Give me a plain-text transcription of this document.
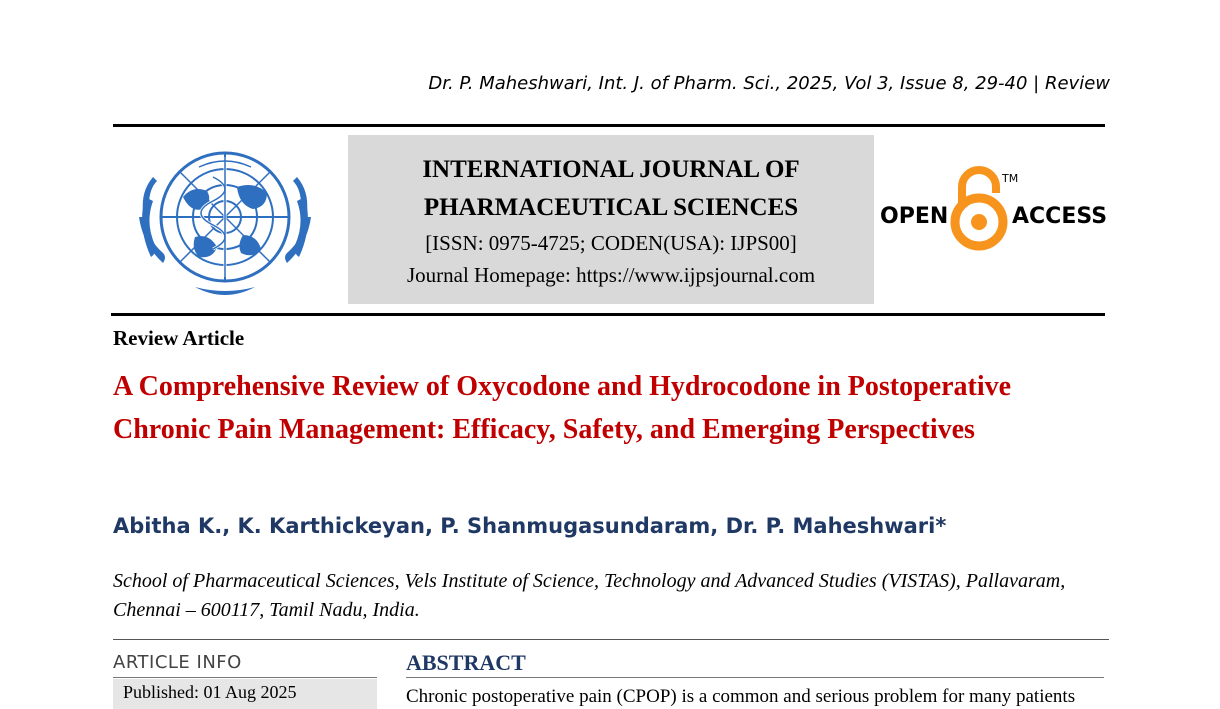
Dr. P. Maheshwari, Int. J. of Pharm. Sci., 2025, Vol 3, Issue 8, 29-40 | Review
INTERNATIONAL JOURNAL OF
PHARMACEUTICAL SCIENCES
[ISSN: 0975-4725; CODEN(USA): IJPS00]
Journal Homepage: https://www.ijpsjournal.com
OPEN
TM
ACCESS
Review Article
A Comprehensive Review of Oxycodone and Hydrocodone in Postoperative Chronic Pain Management: Efficacy, Safety, and Emerging Perspectives
Abitha K., K. Karthickeyan, P. Shanmugasundaram, Dr. P. Maheshwari*
School of Pharmaceutical Sciences, Vels Institute of Science, Technology and Advanced Studies (VISTAS), Pallavaram, Chennai – 600117, Tamil Nadu, India.
ARTICLE INFO
Published: 01 Aug 2025
ABSTRACT
Chronic postoperative pain (CPOP) is a common and serious problem for many patients
